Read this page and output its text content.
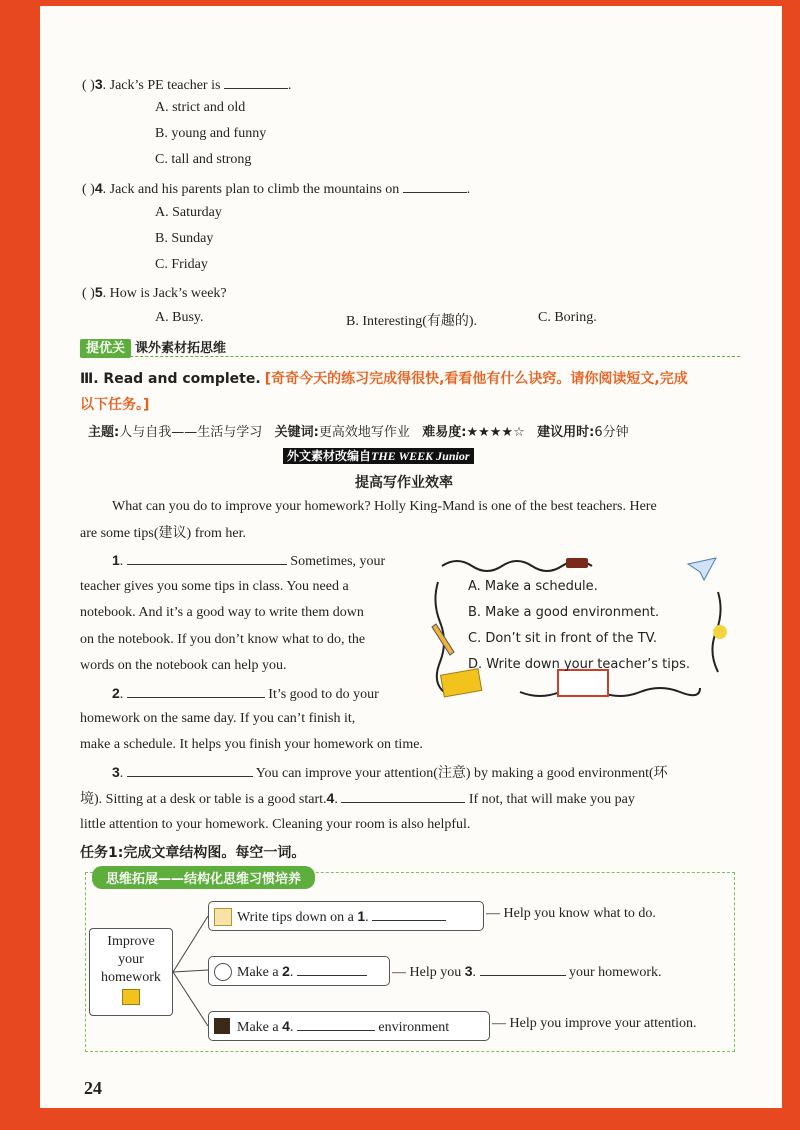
( )3. Jack’s PE teacher is	.
A. strict and old
B. young and funny
C. tall and strong
( )4. Jack and his parents plan to climb the mountains on	.
A. Saturday
B. Sunday
C. Friday
( )5. How is Jack’s week?
A. Busy.	B. Interesting(有趣的).	C. Boring.
提优关 课外素材拓思维
Ⅲ. Read and complete. [奇奇今天的练习完成得很快,看看他有什么诀窍。请你阅读短文,完成
以下任务。]
主题:人与自我——生活与学习 关键词:更高效地写作业 难易度:★★★★☆ 建议用时:6分钟
外文素材改编自THE WEEK Junior
提高写作业效率
What can you do to improve your homework? Holly King-Mand is one of the best teachers. Here
are some tips(建议) from her.
1.	Sometimes, your
teacher gives you some tips in class. You need a
notebook. And it’s a good way to write them down
on the notebook. If you don’t know what to do, the
words on the notebook can help you.
2.	It’s good to do your
homework on the same day. If you can’t finish it,
make a schedule. It helps you finish your homework on time.
3.	You can improve your attention(注意) by making a good environment(环
境). Sitting at a desk or table is a good start.4.	If not, that will make you pay
little attention to your homework. Cleaning your room is also helpful.
A. Make a schedule.
B. Make a good environment.
C. Don’t sit in front of the TV.
D. Write down your teacher’s tips.
任务1:完成文章结构图。每空一词。
思维拓展——结构化思维习惯培养
Improve
your
homework
Write tips down on a 1.	— Help you know what to do.
Make a 2.	— Help you 3.	your homework.
Make a 4.	environment	— Help you improve your attention.
24
